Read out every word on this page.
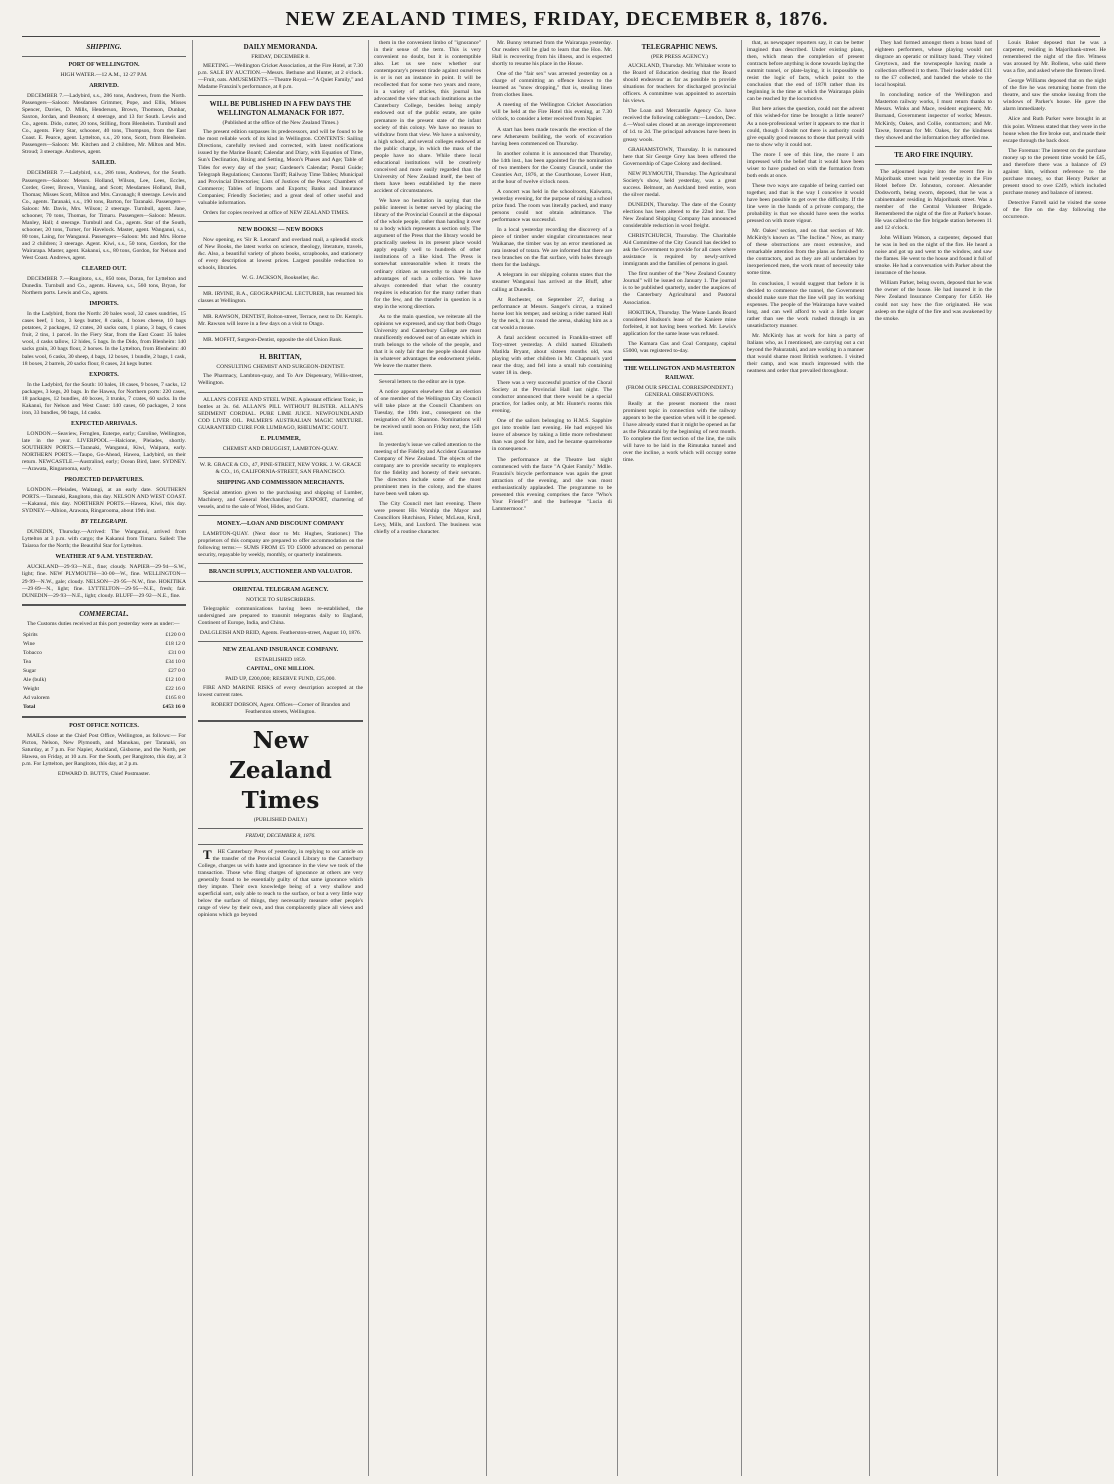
NEW ZEALAND TIMES, FRIDAY, DECEMBER 8, 1876.
SHIPPING.
PORT OF WELLINGTON.
HIGH WATER.—12 A.M., 12·27 P.M.
ARRIVED.

DECEMBER 7.—Ladybird, s.s., 286 tons, Andrews, from the North. Passengers—Saloon: Mesdames Grimmer, Pope, and Ellis, Misses Spencer, Davies, D. Mills, Henderson, Brown, Thomson, Dunbar, Saxton, Jordan, and Beatson; 4 steerage, and 13 for South. Lewis and Co., agents. Dido, cutter, 20 tons, Stilling, from Blenheim. Turnbull and Co., agents. Fiery Star, schooner, 40 tons, Thompson, from the East Coast. E. Pearce, agent. Lyttelton, s.s., 20 tons, Scott, from Blenheim. Passengers—Saloon: Mr. Kitchen and 2 children, Mr. Milton and Mrs. Stroud; 3 steerage. Andrews, agent.

SAILED.

DECEMBER 7.—Ladybird, s.s., 286 tons, Andrews, for the South. Passengers—Saloon: Messrs. Holland, Wilson, Lee, Lees, Eccles, Corder, Greer, Brown, Vinning, and Scott; Mesdames Holland, Bull, Thomas; Misses Scott, Milton and Mrs. Cavanagh; 8 steerage. Lewis and Co., agents. Taranaki, s.s., 190 tons, Barton, for Taranaki. Passengers—Saloon: Mr. Davis, Mrs. Wilson; 2 steerage. Turnbull, agent. Jane, schooner, 70 tons, Thomas, for Timaru. Passengers—Saloon: Messrs. Manley, Hall; 4 steerage. Turnbull and Co., agents. Star of the South, schooner, 20 tons, Turner, for Havelock. Master, agent. Wanganui, s.s., 80 tons, Laing, for Wanganui. Passengers—Saloon: Mr. and Mrs. Horne and 2 children; 3 steerage. Agent. Kiwi, s.s., 50 tons, Gordon, for the Wairarapa. Master, agent. Kakanui, s.s., 80 tons, Gordon, for Nelson and West Coast. Andrews, agent.

CLEARED OUT.

DECEMBER 7.—Rangitoto, s.s., 850 tons, Doran, for Lyttelton and Dunedin. Turnbull and Co., agents. Hawea, s.s., 560 tons, Bryan, for Northern ports. Lewis and Co., agents.

IMPORTS.

In the Ladybird, from the North: 20 bales wool, 32 cases sundries, 15 cases beef, 1 box, 3 kegs butter, 8 casks, 4 boxes cheese, 10 bags potatoes, 2 packages, 12 crates, 20 sacks oats, 1 piano, 3 bags, 6 cases fruit, 2 tins, 1 parcel. In the Fiery Star, from the East Coast: 35 bales wool, 4 casks tallow, 12 hides, 5 bags. In the Dido, from Blenheim: 140 sacks grain, 30 bags flour, 2 horses. In the Lyttelton, from Blenheim: 40 bales wool, 6 casks, 30 sheep, 4 bags, 12 boxes, 1 bundle, 2 bags, 1 cask, 18 boxes, 2 barrels, 20 sacks flour, 8 cases, 24 kegs butter.

EXPORTS.

In the Ladybird, for the South: 10 bales, 18 cases, 9 boxes, 7 sacks, 12 packages, 3 kegs, 20 bags. In the Hawea, for Northern ports: 220 cases, 18 packages, 12 bundles, 40 boxes, 3 trunks, 7 crates, 60 sacks. In the Kakanui, for Nelson and West Coast: 140 cases, 60 packages, 2 tons iron, 33 bundles, 90 bags, 14 casks.

EXPECTED ARRIVALS.

LONDON.—Seaview, Fernglen, Euterpe, early; Caroline, Wellington, late in the year. LIVERPOOL.—Halcione, Pleiades, shortly. SOUTHERN PORTS.—Taranaki, Wanganui, Kiwi, Waipara, early. NORTHERN PORTS.—Taupo, Go-Ahead, Hawea, Ladybird, on their return. NEWCASTLE.—Australind, early; Ocean Bird, later. SYDNEY.—Arawata, Ringarooma, early.

PROJECTED DEPARTURES.

LONDON.—Pleiades, Waitangi, at an early date. SOUTHERN PORTS.—Taranaki, Rangitoto, this day. NELSON AND WEST COAST.—Kakanui, this day. NORTHERN PORTS.—Hawea, Kiwi, this day. SYDNEY.—Albion, Arawata, Ringarooma, about 19th inst.

BY TELEGRAPH.

DUNEDIN, Thursday.—Arrived: The Wanganui, arrived from Lyttelton at 3 p.m. with cargo; the Kakanui from Timaru. Sailed: The Taiaroa for the North; the Beautiful Star for Lyttelton.

WEATHER AT 9 A.M. YESTERDAY.

AUCKLAND—29·93—N.E., fine; cloudy. NAPIER—29·94—S.W., light; fine. NEW PLYMOUTH—30·00—W., fine. WELLINGTON—29·99—N.W., gale; cloudy. NELSON—29·95—N.W., fine. HOKITIKA—29·89—N., light; fine. LYTTELTON—29·95—N.E., fresh; fair. DUNEDIN—29·93—N.E., light; cloudy. BLUFF—29·92—N.E., fine.

COMMERCIAL.

The Customs duties received at this port yesterday were as under:—

Spirits	£120 0 0
Wine	£18 12 0
Tobacco	£31 0 0
Tea	£34 10 0
Sugar	£27 0 0
Ale (bulk)	£12 10 0
Weight	£22 16 0
Ad valorem	£165 8 0
Total	£453 16 0
POST OFFICE NOTICES.

MAILS close at the Chief Post Office, Wellington, as follows:— For Picton, Nelson, New Plymouth, and Manukau, per Taranaki, on Saturday, at 7 p.m. For Napier, Auckland, Gisborne, and the North, per Hawea, on Friday, at 10 a.m. For the South, per Rangitoto, this day, at 3 p.m. For Lyttelton, per Rangitoto, this day, at 2 p.m.

EDWARD D. BUTTS, Chief Postmaster.
DAILY MEMORANDA.
FRIDAY, DECEMBER 8.

MEETING.—Wellington Cricket Association, at the Fire Hotel, at 7.30 p.m. SALE BY AUCTION.—Messrs. Bethune and Hunter, at 2 o'clock.—Fruit, oats. AMUSEMENTS.—Theatre Royal.—"A Quiet Family," and Madame Franzini's performance, at 8 p.m.

WILL BE PUBLISHED IN A FEW DAYS THE WELLINGTON ALMANACK FOR 1877.
(Published at the office of the New Zealand Times.)

The present edition surpasses its predecessors, and will be found to be the most reliable work of its kind in Wellington. CONTENTS: Sailing Directions, carefully revised and corrected, with latest notifications issued by the Marine Board; Calendar and Diary, with Equation of Time, Sun's Declination, Rising and Setting, Moon's Phases and Age; Table of Tides for every day of the year; Gardener's Calendar; Postal Guide; Telegraph Regulations; Customs Tariff; Railway Time Tables; Municipal and Provincial Directories; Lists of Justices of the Peace; Chambers of Commerce; Tables of Imports and Exports; Banks and Insurance Companies; Friendly Societies; and a great deal of other useful and valuable information.

Orders for copies received at office of NEW ZEALAND TIMES.

NEW BOOKS! — NEW BOOKS

Now opening, ex 'Sir R. Leonard' and overland mail, a splendid stock of New Books, the latest works on science, theology, literature, travels, &c. Also, a beautiful variety of photo books, scrapbooks, and stationery of every description at lowest prices. Largest possible reduction to schools, libraries.

W. G. JACKSON, Bookseller, &c.

MR. IRVINE, B.A., GEOGRAPHICAL LECTURER, has resumed his classes at Wellington.

MR. RAWSON, DENTIST, Bolton-street, Terrace, next to Dr. Kemp's. Mr. Rawson will leave in a few days on a visit to Otago.

MR. MOFFIT, Surgeon-Dentist, opposite the old Union Bank.

H. BRITTAN,
CONSULTING CHEMIST AND SURGEON-DENTIST.

The Pharmacy, Lambton-quay, and To Are Dispensary, Willis-street, Wellington.

ALLAN'S COFFEE AND STEEL WINE. A pleasant efficient Tonic, in bottles at 2s. 6d. ALLAN'S PILL WITHOUT BLISTER. ALLAN'S SEDIMENT CORDIAL. PURE LIME JUICE. NEWFOUNDLAND COD LIVER OIL. PALMER'S AUSTRALIAN MAGIC MIXTURE. GUARANTEED CURE FOR LUMBAGO, RHEUMATIC GOUT.

E. PLUMMER,
CHEMIST AND DRUGGIST, LAMBTON-QUAY.
W. R. GRACE & CO., 47, PINE-STREET, NEW YORK. J. W. GRACE & CO., 16, CALIFORNIA-STREET, SAN FRANCISCO.
SHIPPING AND COMMISSION MERCHANTS.

Special attention given to the purchasing and shipping of Lumber, Machinery, and General Merchandise; for EXPORT, chartering of vessels, and to the sale of Wool, Hides, and Gum.

MONEY.—LOAN AND DISCOUNT COMPANY

LAMBTON-QUAY. (Next door to Mr. Hughes, Stationer.) The proprietors of this company are prepared to offer accommodation on the following terms:— SUMS FROM £5 TO £5000 advanced on personal security, repayable by weekly, monthly, or quarterly instalments.

BRANCH SUPPLY, AUCTIONEER AND VALUATOR.
ORIENTAL TELEGRAM AGENCY.
NOTICE TO SUBSCRIBERS.

Telegraphic communications having been re-established, the undersigned are prepared to transmit telegrams daily to England, Continent of Europe, India, and China.

DALGLEISH AND REID, Agents. Featherston-street, August 10, 1876.
NEW ZEALAND INSURANCE COMPANY.
ESTABLISHED 1859.
CAPITAL, ONE MILLION.
PAID UP, £200,000; RESERVE FUND, £25,000.

FIRE AND MARINE RISKS of every description accepted at the lowest current rates.

ROBERT DOBSON, Agent. Offices—Corner of Brandon and Featherston streets, Wellington.
New Zealand Times
(PUBLISHED DAILY.)
FRIDAY, DECEMBER 8, 1876.

THE Canterbury Press of yesterday, in replying to our article on the transfer of the Provincial Council Library to the Canterbury College, charges us with haste and ignorance in the view we took of the transaction. Those who fling charges of ignorance at others are very generally found to be essentially guilty of that same ignorance which they impute. Their own knowledge being of a very shallow and superficial sort, only able to reach to the surface, or but a very little way below the surface of things, they necessarily measure other people's range of view by their own, and thus complacently place all views and opinions which go beyond

them in the convenient limbo of "ignorance" in their sense of the term. This is very convenient no doubt, but it is contemptible also. Let us see now whether our contemporary's present tirade against ourselves is or is not an instance in point. It will be recollected that for some two years and more, in a variety of articles, this journal has advocated the view that such institutions as the Canterbury College, besides being amply endowed out of the public estate, are quite premature in the present state of the infant society of this colony. We have no reason to withdraw from that view. We have a university, a high school, and several colleges endowed at the public charge, in which the mass of the people have no share. While there local educational institutions will be creatively conceived and more easily regarded than the University of New Zealand itself, the best of them have been established by the mere accident of circumstances.

We have no hesitation in saying that the public interest is better served by placing the library of the Provincial Council at the disposal of the whole people, rather than handing it over to a body which represents a section only. The argument of the Press that the library would be practically useless in its present place would apply equally well to hundreds of other institutions of a like kind. The Press is somewhat unreasonable when it treats the ordinary citizen as unworthy to share in the advantages of such a collection. We have always contended that what the country requires is education for the many rather than for the few, and the transfer in question is a step in the wrong direction.

As to the main question, we reiterate all the opinions we expressed, and say that both Otago University and Canterbury College are most munificently endowed out of an estate which in truth belongs to the whole of the people, and that it is only fair that the people should share in whatever advantages the endowment yields. We leave the matter there.

Several letters to the editor are in type.

A notice appears elsewhere that an election of one member of the Wellington City Council will take place at the Council Chambers on Tuesday, the 19th inst., consequent on the resignation of Mr. Shannon. Nominations will be received until noon on Friday next, the 15th inst.

In yesterday's issue we called attention to the meeting of the Fidelity and Accident Guarantee Company of New Zealand. The objects of the company are to provide security to employers for the fidelity and honesty of their servants. The directors include some of the most prominent men in the colony, and the shares have been well taken up.

The City Council met last evening. There were present His Worship the Mayor and Councillors Hutchison, Fisher, McLean, Krull, Levy, Mills, and Luxford. The business was chiefly of a routine character.

Mr. Bunny returned from the Wairarapa yesterday. Our readers will be glad to learn that the Hon. Mr. Hall is recovering from his illness, and is expected shortly to resume his place in the House.

One of the "fair sex" was arrested yesterday on a charge of committing an offence known to the learned as "snow dropping," that is, stealing linen from clothes lines.

A meeting of the Wellington Cricket Association will be held at the Fire Hotel this evening, at 7.30 o'clock, to consider a letter received from Napier.

A start has been made towards the erection of the new Athenæum building, the work of excavation having been commenced on Thursday.

In another column it is announced that Thursday, the 14th inst., has been appointed for the nomination of two members for the County Council, under the Counties Act, 1876, at the Courthouse, Lower Hutt, at the hour of twelve o'clock noon.

A concert was held in the schoolroom, Kaiwarra, yesterday evening, for the purpose of raising a school prize fund. The room was literally packed, and many persons could not obtain admittance. The performance was successful.

In a local yesterday recording the discovery of a piece of timber under singular circumstances near Waikanae, the timber was by an error mentioned as rata instead of totara. We are informed that there are two branches on the flat surface, with holes through them for the lashings.

A telegram in our shipping column states that the steamer Wanganui has arrived at the Bluff, after calling at Dunedin.

At Rochester, on September 27, during a performance at Messrs. Sanger's circus, a trained horse lost his temper, and seizing a rider named Hall by the neck, it ran round the arena, shaking him as a cat would a mouse.

A fatal accident occurred in Franklin-street off Tory-street yesterday. A child named Elizabeth Matilda Bryant, about sixteen months old, was playing with other children in Mr. Chapman's yard near the dray, and fell into a small tub containing water 18 in. deep.

There was a very successful practice of the Choral Society at the Provincial Hall last night. The conductor announced that there would be a special practice, for ladies only, at Mr. Hunter's rooms this evening.

One of the sailors belonging to H.M.S. Sapphire got into trouble last evening. He had enjoyed his leave of absence by taking a little more refreshment than was good for him, and he became quarrelsome in consequence.

The performance at the Theatre last night commenced with the farce "A Quiet Family." Mdlle. Franzini's bicycle performance was again the great attraction of the evening, and she was most enthusiastically applauded. The programme to be presented this evening comprises the farce "Who's Your Friend?" and the burlesque "Lucia di Lammermoor."

TELEGRAPHIC NEWS.
(PER PRESS AGENCY.)

AUCKLAND, Thursday. Mr. Whitaker wrote to the Board of Education desiring that the Board should endeavour as far as possible to provide situations for teachers for discharged provincial officers. A committee was appointed to ascertain his views.

The Loan and Mercantile Agency Co. have received the following cablegram:—London, Dec. 4.—Wool sales closed at an average improvement of 1d. to 2d. The principal advances have been in greasy wools.

GRAHAMSTOWN, Thursday. It is rumoured here that Sir George Grey has been offered the Governorship of Cape Colony and declined.

NEW PLYMOUTH, Thursday. The Agricultural Society's show, held yesterday, was a great success. Belmont, an Auckland bred entire, won the silver medal.

DUNEDIN, Thursday. The date of the County elections has been altered to the 22nd inst. The New Zealand Shipping Company has announced considerable reduction in wool freight.

CHRISTCHURCH, Thursday. The Charitable Aid Committee of the City Council has decided to ask the Government to provide for all cases where assistance is required by newly-arrived immigrants and the families of persons in gaol.

The first number of the "New Zealand Country Journal" will be issued on January 1. The journal is to be published quarterly, under the auspices of the Canterbury Agricultural and Pastoral Association.

HOKITIKA, Thursday. The Waste Lands Board considered Hudson's lease of the Kaniere mine forfeited, it not having been worked. Mr. Lewis's application for the same lease was refused.

The Kumara Gas and Coal Company, capital £5000, was registered to-day.

THE WELLINGTON AND MASTERTON RAILWAY.
(FROM OUR SPECIAL CORRESPONDENT.) GENERAL OBSERVATIONS.

Really at the present moment the most prominent topic in connection with the railway appears to be the question when will it be opened. I have already stated that it might be opened as far as the Pakuratahi by the beginning of next month. To complete the first section of the line, the rails will have to be laid in the Rimutaka tunnel and over the incline, a work which will occupy some time.

that, as newspaper reporters say, it can be better imagined than described. Under existing plans, then, which mean the completion of present contracts before anything is done towards laying the summit tunnel, or plate-laying, it is impossible to resist the logic of facts, which point to the conclusion that the end of 1878 rather than its beginning is the time at which the Wairarapa plain can be reached by the locomotive.

But here arises the question, could not the advent of this wished-for time be brought a little nearer? As a non-professional writer it appears to me that it could, though I doubt not there is authority could give equally good reasons to those that prevail with me to show why it could not.

The more I see of this line, the more I am impressed with the belief that it would have been wiser to have pushed on with the formation from both ends at once.

These two ways are capable of being carried out together, and that is the way I conceive it would have been possible to get over the difficulty. If the line were in the hands of a private company, the probability is that we should have seen the works pressed on with more vigour.

Mr. Oakes' section, and on that section of Mr. McKirdy's known as "The Incline." Now, as many of these obstructions are most extensive, and remarkable attention from the plans as furnished to the contractors, and as they are all undertaken by inexperienced men, the work must of necessity take some time.

In conclusion, I would suggest that before it is decided to commence the tunnel, the Government should make sure that the line will pay its working expenses. The people of the Wairarapa have waited long, and can well afford to wait a little longer rather than see the work rushed through in an unsatisfactory manner.

Mr. McKirdy has at work for him a party of Italians who, as I mentioned, are carrying out a cut beyond the Pakuratahi, and are working in a manner that would shame most British workmen. I visited their camp, and was much impressed with the neatness and order that prevailed throughout.

They had formed amongst them a brass band of eighteen performers, whose playing would not disgrace an operatic or military band. They visited Greytown, and the townspeople having made a collection offered it to them. Their leader added £11 to the £7 collected, and handed the whole to the local hospital.

In concluding notice of the Wellington and Masterton railway works, I must return thanks to Messrs. Winks and Mace, resident engineers; Mr. Burnand, Government inspector of works; Messrs. McKirdy, Oakes, and Collie, contractors; and Mr. Tawse, foreman for Mr. Oakes, for the kindness they showed and the information they afforded me.

TE ARO FIRE INQUIRY.

The adjourned inquiry into the recent fire in Majoribank street was held yesterday in the Fire Hotel before Dr. Johnston, coroner. Alexander Dodsworth, being sworn, deposed, that he was a cabinetmaker residing in Majoribank street. Was a member of the Central Volunteer Brigade. Remembered the night of the fire at Parker's house. He was called to the fire brigade station between 11 and 12 o'clock.

John William Watson, a carpenter, deposed that he was in bed on the night of the fire. He heard a noise and got up and went to the window, and saw the flames. He went to the house and found it full of smoke. He had a conversation with Parker about the insurance of the house.

William Parker, being sworn, deposed that he was the owner of the house. He had insured it in the New Zealand Insurance Company for £450. He could not say how the fire originated. He was asleep on the night of the fire and was awakened by the smoke.

Louis Baker deposed that he was a carpenter, residing in Majoribank-street. He remembered the night of the fire. Witness was aroused by Mr. Bollens, who said there was a fire, and asked where the firemen lived.

George Williams deposed that on the night of the fire he was returning home from the theatre, and saw the smoke issuing from the windows of Parker's house. He gave the alarm immediately.

Alice and Ruth Parker were brought in at this point. Witness stated that they were in the house when the fire broke out, and made their escape through the back door.

The Foreman: The interest on the purchase money up to the present time would be £45, and therefore there was a balance of £9 against him, without reference to the purchase money, so that Henry Parker at present stood to owe £249, which included purchase money and balance of interest.

Detective Farrell said he visited the scene of the fire on the day following the occurrence.
